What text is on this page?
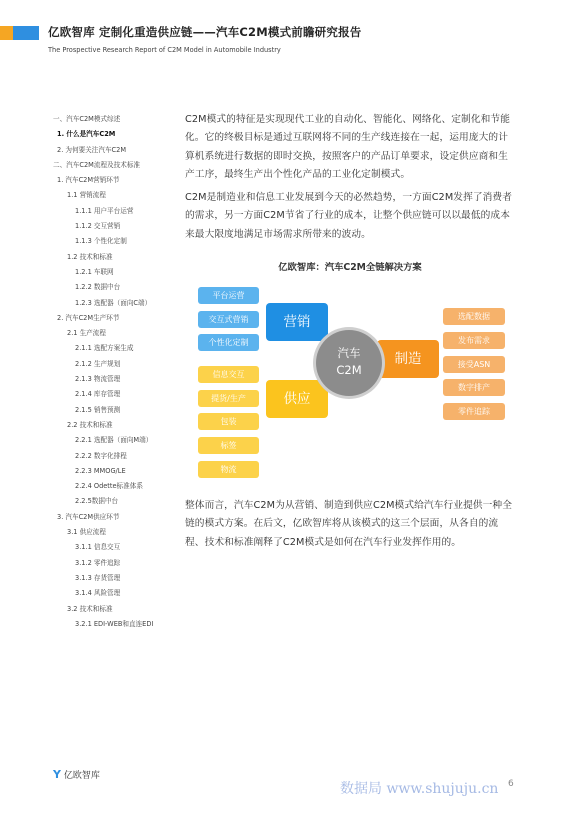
亿欧智库 定制化重造供应链——汽车C2M模式前瞻研究报告
The Prospective Research Report of C2M Model in Automobile Industry
一、汽车C2M模式综述
1. 什么是汽车C2M
2. 为何要关注汽车C2M
二、汽车C2M流程及技术标准
1. 汽车C2M营销环节
1.1 营销流程
1.1.1 用户平台运营
1.1.2 交互营销
1.1.3 个性化定制
1.2 技术和标准
1.2.1 车联网
1.2.2 数据中台
1.2.3 选配器（面向C端）
2. 汽车C2M生产环节
2.1 生产流程
2.1.1 选配方案生成
2.1.2 生产规划
2.1.3 物流管理
2.1.4 库存管理
2.1.5 销售预测
2.2 技术和标准
2.2.1 选配器（面向M端）
2.2.2 数字化排程
2.2.3 MMOG/LE
2.2.4 Odette标准体系
2.2.5数据中台
3. 汽车C2M供应环节
3.1 供应流程
3.1.1 信息交互
3.1.2 零件追踪
3.1.3 存货管理
3.1.4 风险管理
3.2 技术和标准
3.2.1 EDI-WEB和直连EDI
C2M模式的特征是实现现代工业的自动化、智能化、网络化、定制化和节能化。它的终极目标是通过互联网将不同的生产线连接在一起，运用庞大的计算机系统进行数据的即时交换，按照客户的产品订单要求，设定供应商和生产工序，最终生产出个性化产品的工业化定制模式。
C2M是制造业和信息工业发展到今天的必然趋势，一方面C2M发挥了消费者的需求，另一方面C2M节省了行业的成本，让整个供应链可以以最低的成本来最大限度地满足市场需求所带来的波动。
亿欧智库：汽车C2M全链解决方案
平台运营
交互式营销
个性化定制
信息交互
提货/生产
包装
标签
物流
营销
供应
制造
汽车
C2M
选配数据
发布需求
接受ASN
数字排产
零件追踪
整体而言，汽车C2M为从营销、制造到供应C2M模式给汽车行业提供一种全链的模式方案。在后文，亿欧智库将从该模式的这三个层面，从各自的流程、技术和标准阐释了C2M模式是如何在汽车行业发挥作用的。
Y 亿欧智库
数据局 www.shujuju.cn 6
